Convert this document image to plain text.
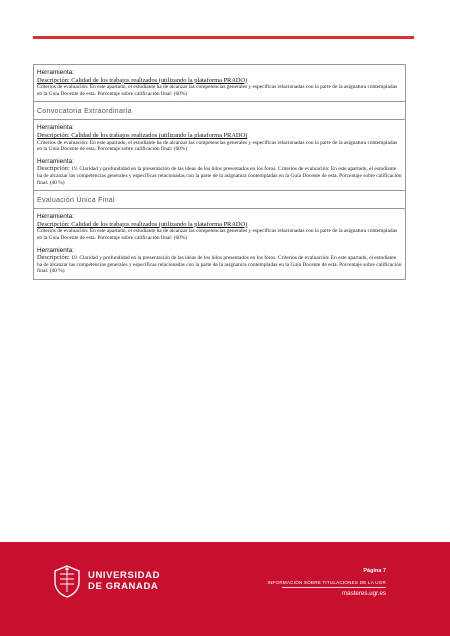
Herramienta:
Descripción: Calidad de los trabajos realizados (utilizando la plataforma PRADO)
Criterios de evaluación: En este apartado, el estudiante ha de alcanzar las competencias generales y específicas relacionadas con la parte de la asignatura contempladas en la Guía Docente de esta. Porcentaje sobre calificación final: (60%)
Convocatoria Extraordinaria
Herramienta:
Descripción: Calidad de los trabajos realizados (utilizando la plataforma PRADO)
Criterios de evaluación: En este apartado, el estudiante ha de alcanzar las competencias generales y específicas relacionadas con la parte de la asignatura contempladas en la Guía Docente de esta. Porcentaje sobre calificación final: (60%)
Herramienta:
Descripción: 19. Claridad y profundidad en la presentación de las ideas de los hilos presentados en los foros. Criterios de evaluación: En este apartado, el estudiante ha de alcanzar las competencias generales y específicas relacionadas con la parte de la asignatura contempladas en la Guía Docente de esta. Porcentaje sobre calificación final: (40 %)
Evaluación Única Final
Herramienta:
Descripción: Calidad de los trabajos realizados (utilizando la plataforma PRADO)
Criterios de evaluación: En este apartado, el estudiante ha de alcanzar las competencias generales y específicas relacionadas con la parte de la asignatura contempladas en la Guía Docente de esta. Porcentaje sobre calificación final: (60%)
Herramienta:
Descripción: 19. Claridad y profundidad en la presentación de las ideas de los hilos presentados en los foros. Criterios de evaluación: En este apartado, el estudiante ha de alcanzar las competencias generales y específicas relacionadas con la parte de la asignatura contempladas en la Guía Docente de esta. Porcentaje sobre calificación final: (40 %)
UNIVERSIDAD
DE GRANADA
Página 7
INFORMACIÓN SOBRE TITULACIONES DE LA UGR
masteres.ugr.es
